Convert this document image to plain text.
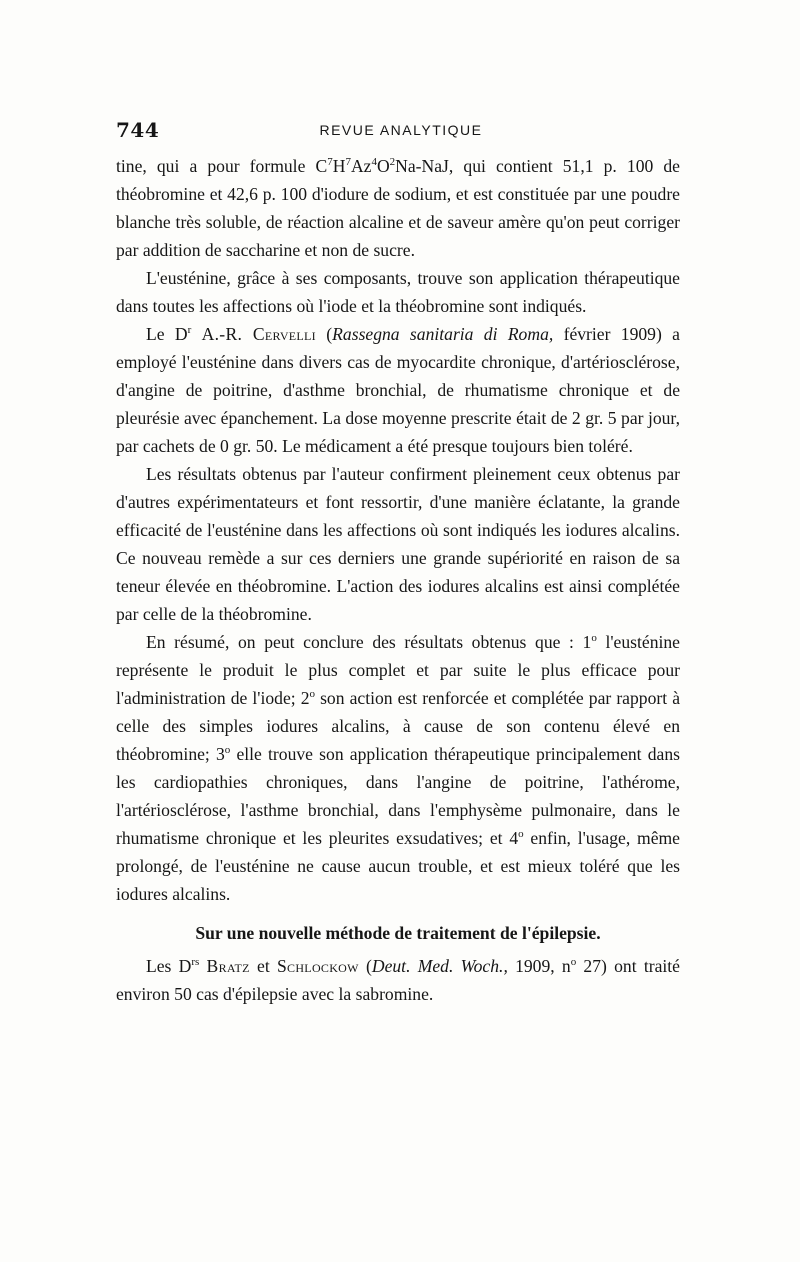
744	REVUE ANALYTIQUE

tine, qui a pour formule $C^7H^7Az^4O^2Na$-NaJ, qui contient 51,1 p. 100 de théobromine et 42,6 p. 100 d'iodure de sodium, et est constituée par une poudre blanche très soluble, de réaction alcaline et de saveur amère qu'on peut corriger par addition de saccharine et non de sucre.

L'eusténine, grâce à ses composants, trouve son application thérapeutique dans toutes les affections où l'iode et la théobromine sont indiqués.

Le $D^r$ A.-R. Cervelli (Rassegna sanitaria di Roma, février 1909) a employé l'eusténine dans divers cas de myocardite chronique, d'artériosclérose, d'angine de poitrine, d'asthme bronchial, de rhumatisme chronique et de pleurésie avec épanchement. La dose moyenne prescrite était de 2 gr. 5 par jour, par cachets de 0 gr. 50. Le médicament a été presque toujours bien toléré.

Les résultats obtenus par l'auteur confirment pleinement ceux obtenus par d'autres expérimentateurs et font ressortir, d'une manière éclatante, la grande efficacité de l'eusténine dans les affections où sont indiqués les iodures alcalins. Ce nouveau remède a sur ces derniers une grande supériorité en raison de sa teneur élevée en théobromine. L'action des iodures alcalins est ainsi complétée par celle de la théobromine.

En résumé, on peut conclure des résultats obtenus que : 1$^o$ l'eusténine représente le produit le plus complet et par suite le plus efficace pour l'administration de l'iode; 2$^o$ son action est renforcée et complétée par rapport à celle des simples iodures alcalins, à cause de son contenu élevé en théobromine; 3$^o$ elle trouve son application thérapeutique principalement dans les cardiopathies chroniques, dans l'angine de poitrine, l'athérome, l'artériosclérose, l'asthme bronchial, dans l'emphysème pulmonaire, dans le rhumatisme chronique et les pleurites exsudatives; et 4$^o$ enfin, l'usage, même prolongé, de l'eusténine ne cause aucun trouble, et est mieux toléré que les iodures alcalins.

Sur une nouvelle méthode de traitement de l'épilepsie.

Les $D^{rs}$ Bratz et Schlockow (Deut. Med. Woch., 1909, $n^o$ 27) ont traité environ 50 cas d'épilepsie avec la sabromine.
